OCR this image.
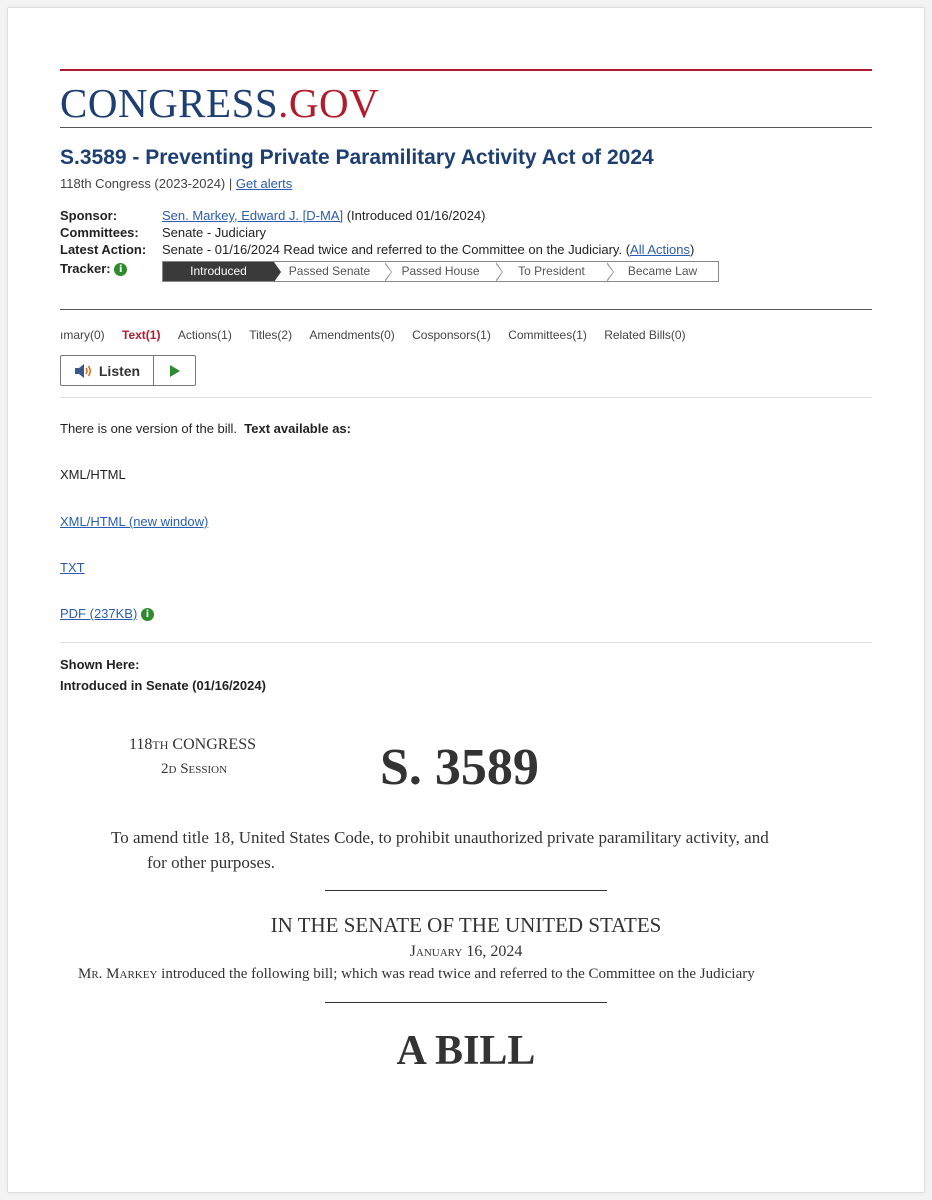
CONGRESS.GOV
S.3589 - Preventing Private Paramilitary Activity Act of 2024
118th Congress (2023-2024) | Get alerts
Sponsor:	Sen. Markey, Edward J. [D-MA] (Introduced 01/16/2024)
Committees: Senate - Judiciary
Latest Action: Senate - 01/16/2024 Read twice and referred to the Committee on the Judiciary. (All Actions)
Tracker: i	Introduced	Passed Senate	Passed House	To President	Became Law
ımary(0) Text(1) Actions(1) Titles(2) Amendments(0) Cosponsors(1) Committees(1) Related Bills(0)
Listen
There is one version of the bill. Text available as:
XML/HTML
XML/HTML (new window)
TXT
PDF (237KB) i
Shown Here:
Introduced in Senate (01/16/2024)
118TH CONGRESS
2D Session	S. 3589
To amend title 18, United States Code, to prohibit unauthorized private paramilitary activity, and
for other purposes.
IN THE SENATE OF THE UNITED STATES
January 16, 2024
Mr. Markey introduced the following bill; which was read twice and referred to the Committee on the Judiciary
A BILL
